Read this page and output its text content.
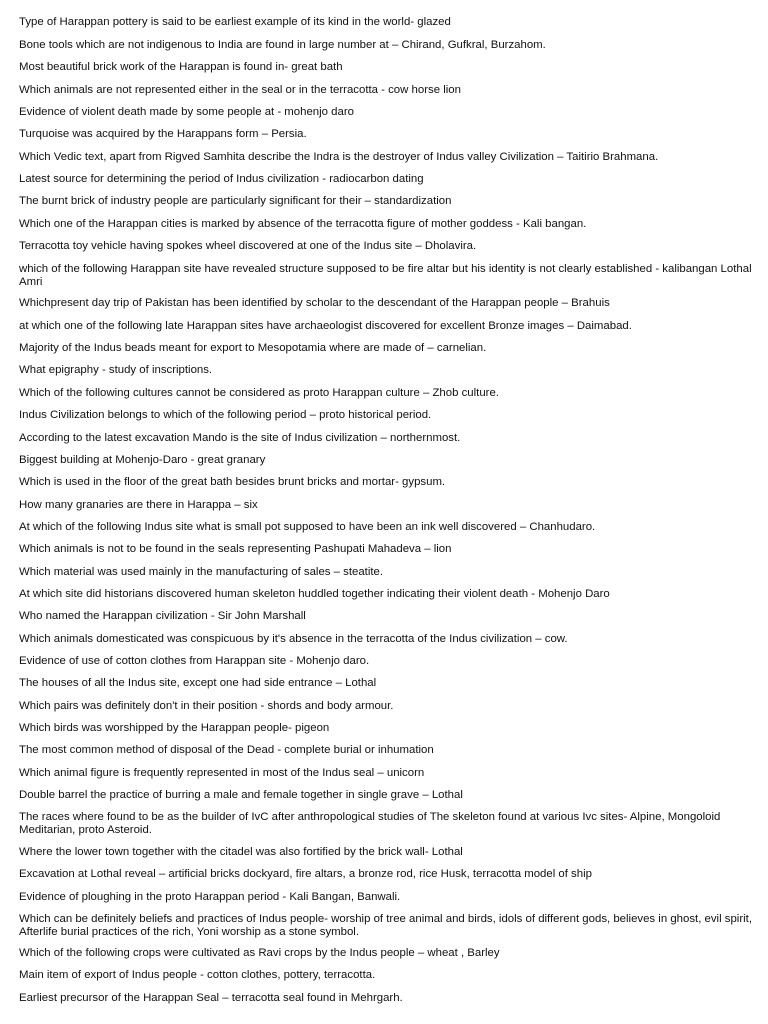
Type of Harappan pottery is said to be earliest example of its kind in the world- glazed
Bone tools which are not indigenous to India are found in large number at – Chirand, Gufkral, Burzahom.
Most beautiful brick work of the Harappan is found in- great bath
Which animals are not represented either in the seal or in the terracotta - cow horse lion
Evidence of violent death made by some people at - mohenjo daro
Turquoise was acquired by the Harappans form – Persia.
Which Vedic text, apart from Rigved Samhita describe the Indra is the destroyer of Indus valley Civilization – Taitirio Brahmana.
Latest source for determining the period of Indus civilization - radiocarbon dating
The burnt brick of industry people are particularly significant for their – standardization
Which one of the Harappan cities is marked by absence of the terracotta figure of mother goddess - Kali bangan.
Terracotta toy vehicle having spokes wheel discovered at one of the Indus site – Dholavira.
which of the following Harappan site have revealed structure supposed to be fire altar but his identity is not clearly established - kalibangan Lothal Amri
Whichpresent day trip of Pakistan has been identified by scholar to the descendant of the Harappan people – Brahuis
at which one of the following late Harappan sites have archaeologist discovered for excellent Bronze images – Daimabad.
Majority of the Indus beads meant for export to Mesopotamia where are made of – carnelian.
What epigraphy - study of inscriptions.
Which of the following cultures cannot be considered as proto Harappan culture – Zhob culture.
Indus Civilization belongs to which of the following period – proto historical period.
According to the latest excavation Mando is the site of Indus civilization – northernmost.
Biggest building at Mohenjo-Daro - great granary
Which is used in the floor of the great bath besides brunt bricks and mortar- gypsum.
How many granaries are there in Harappa – six
At which of the following Indus site what is small pot supposed to have been an ink well discovered – Chanhudaro.
Which animals is not to be found in the seals representing Pashupati Mahadeva – lion
Which material was used mainly in the manufacturing of sales – steatite.
At which site did historians discovered human skeleton huddled together indicating their violent death - Mohenjo Daro
Who named the Harappan civilization - Sir John Marshall
Which animals domesticated was conspicuous by it's absence in the terracotta of the Indus civilization – cow.
Evidence of use of cotton clothes from Harappan site - Mohenjo daro.
The houses of all the Indus site, except one had side entrance – Lothal
Which pairs was definitely don't in their position - shords and body armour.
Which birds was worshipped by the Harappan people- pigeon
The most common method of disposal of the Dead - complete burial or inhumation
Which animal figure is frequently represented in most of the Indus seal – unicorn
Double barrel the practice of burring a male and female together in single grave – Lothal
The races where found to be as the builder of IvC after anthropological studies of The skeleton found at various Ivc sites- Alpine, Mongoloid Meditarian, proto Asteroid.
Where the lower town together with the citadel was also fortified by the brick wall- Lothal
Excavation at Lothal reveal – artificial bricks dockyard, fire altars, a bronze rod, rice Husk, terracotta model of ship
Evidence of ploughing in the proto Harappan period - Kali Bangan, Banwali.
Which can be definitely beliefs and practices of Indus people- worship of tree animal and birds, idols of different gods, believes in ghost, evil spirit, Afterlife burial practices of the rich, Yoni worship as a stone symbol.
Which of the following crops were cultivated as Ravi crops by the Indus people – wheat , Barley
Main item of export of Indus people - cotton clothes, pottery, terracotta.
Earliest precursor of the Harappan Seal – terracotta seal found in Mehrgarh.
